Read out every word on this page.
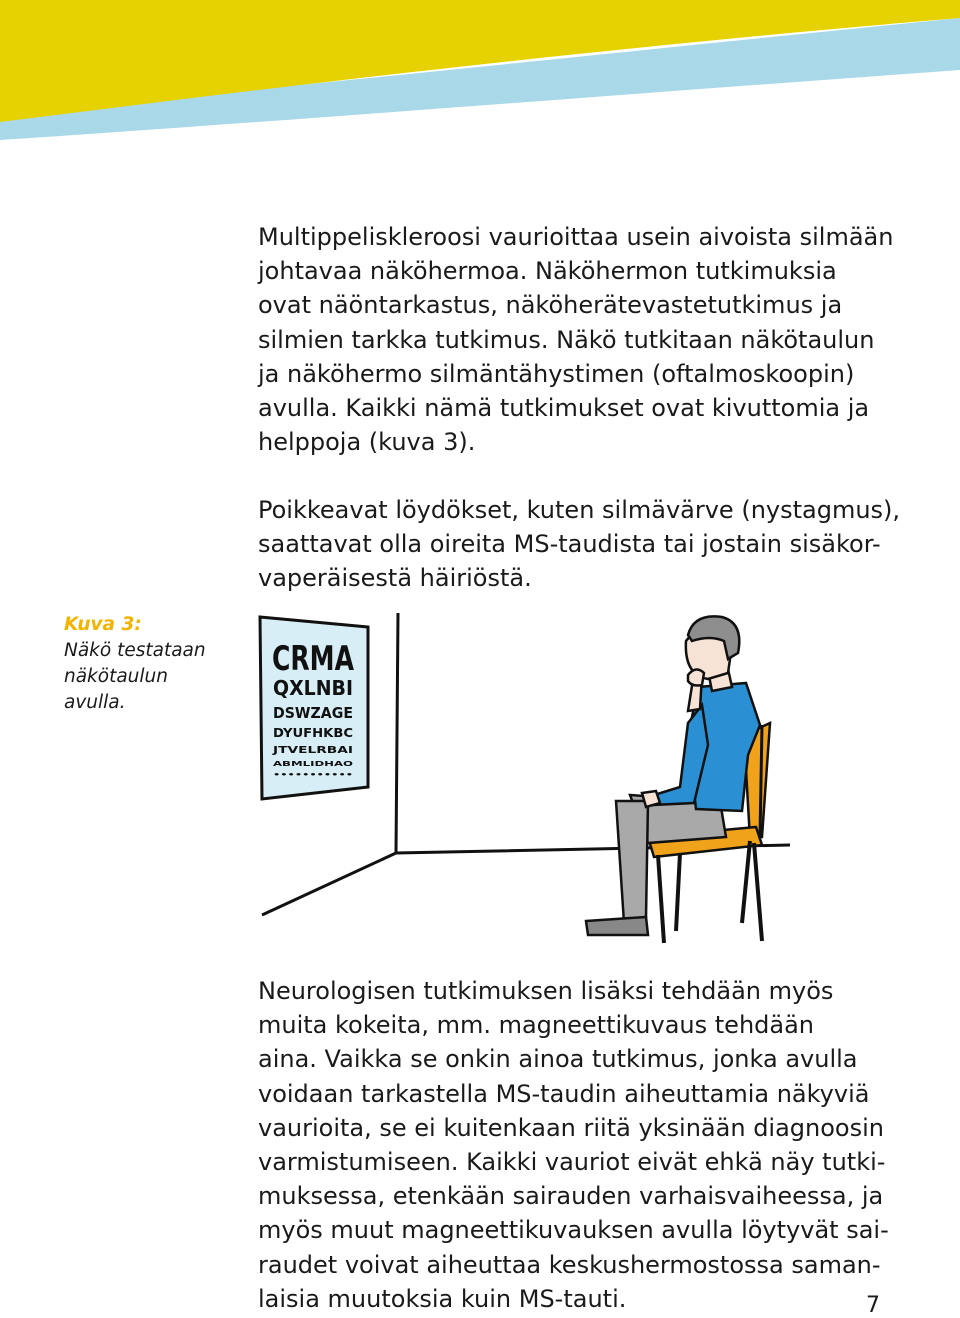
Multippeliskleroosi vaurioittaa usein aivoista silmään
johtavaa näköhermoa. Näköhermon tutkimuksia
ovat näöntarkastus, näköherätevastetutkimus ja
silmien tarkka tutkimus. Näkö tutkitaan näkötaulun
ja näköhermo silmäntähystimen (oftalmoskoopin)
avulla. Kaikki nämä tutkimukset ovat kivuttomia ja
helppoja (kuva 3).
Poikkeavat löydökset, kuten silmävärve (nystagmus),
saattavat olla oireita MS-taudista tai jostain sisäkor-
vaperäisestä häiriöstä.
Kuva 3:
Näkö testataan
näkötaulun
avulla.
CRMA
QXLNBI
DSWZAGE
DYUFHKBC
JTVELRBAI
ABMLIDHAO
•••••••••••
Neurologisen tutkimuksen lisäksi tehdään myös
muita kokeita, mm. magneettikuvaus tehdään
aina. Vaikka se onkin ainoa tutkimus, jonka avulla
voidaan tarkastella MS-taudin aiheuttamia näkyviä
vaurioita, se ei kuitenkaan riitä yksinään diagnoosin
varmistumiseen. Kaikki vauriot eivät ehkä näy tutki-
muksessa, etenkään sairauden varhaisvaiheessa, ja
myös muut magneettikuvauksen avulla löytyvät sai-
raudet voivat aiheuttaa keskushermostossa saman-
laisia muutoksia kuin MS-tauti.	7
